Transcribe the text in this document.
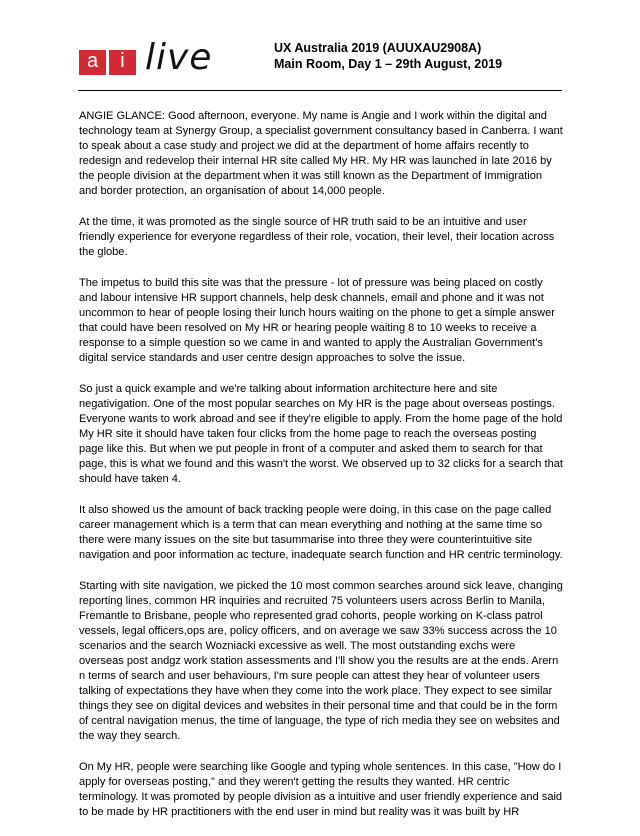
a	i live	UX Australia 2019 (AUUXAU2908A)
Main Room, Day 1 – 29th August, 2019

ANGIE GLANCE: Good afternoon, everyone. My name is Angie and I work within the digital and technology team at Synergy Group, a specialist government consultancy based in Canberra. I want to speak about a case study and project we did at the department of home affairs recently to redesign and redevelop their internal HR site called My HR. My HR was launched in late 2016 by the people division at the department when it was still known as the Department of Immigration and border protection, an organisation of about 14,000 people.

At the time, it was promoted as the single source of HR truth said to be an intuitive and user friendly experience for everyone regardless of their role, vocation, their level, their location across the globe.

The impetus to build this site was that the pressure - lot of pressure was being placed on costly and labour intensive HR support channels, help desk channels, email and phone and it was not uncommon to hear of people losing their lunch hours waiting on the phone to get a simple answer that could have been resolved on My HR or hearing people waiting 8 to 10 weeks to receive a response to a simple question so we came in and wanted to apply the Australian Government's digital service standards and user centre design approaches to solve the issue.

So just a quick example and we're talking about information architecture here and site negativigation. One of the most popular searches on My HR is the page about overseas postings. Everyone wants to work abroad and see if they're eligible to apply. From the home page of the hold My HR site it should have taken four clicks from the home page to reach the overseas posting page like this. But when we put people in front of a computer and asked them to search for that page, this is what we found and this wasn't the worst. We observed up to 32 clicks for a search that should have taken 4.

It also showed us the amount of back tracking people were doing, in this case on the page called career management which is a term that can mean everything and nothing at the same time so there were many issues on the site but tasummarise into three they were counterintuitive site navigation and poor information ac tecture, inadequate search function and HR centric terminology.

Starting with site navigation, we picked the 10 most common searches around sick leave, changing reporting lines, common HR inquiries and recruited 75 volunteers users across Berlin to Manila, Fremantle to Brisbane, people who represented grad cohorts, people working on K-class patrol vessels, legal officers,ops are, policy officers, and on average we saw 33% success across the 10 scenarios and the search Wozniacki excessive as well. The most outstanding exchs were overseas post andgz work station assessments and I'll show you the results are at the ends. Arern n terms of search and user behaviours, I'm sure people can attest they hear of volunteer users talking of expectations they have when they come into the work place. They expect to see similar things they see on digital devices and websites in their personal time and that could be in the form of central navigation menus, the time of language, the type of rich media they see on websites and the way they search.

On My HR, people were searching like Google and typing whole sentences. In this case, "How do I apply for overseas posting," and they weren't getting the results they wanted. HR centric terminology. It was promoted by people division as a intuitive and user friendly experience and said to be made by HR practitioners with the end user in mind but reality was it was built by HR
